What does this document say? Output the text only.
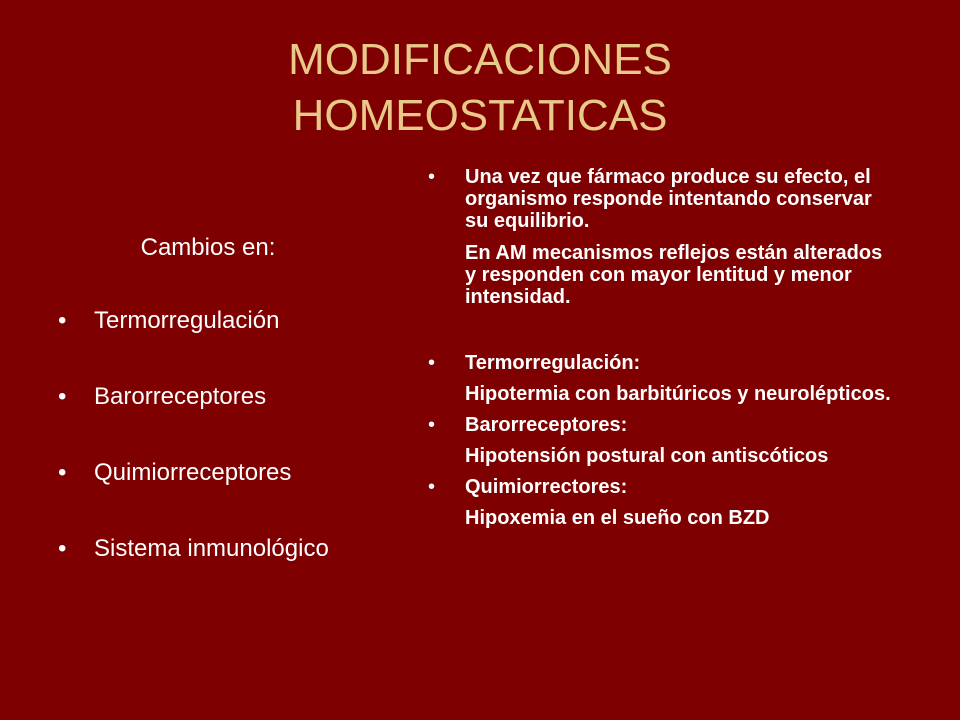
MODIFICACIONES
HOMEOSTATICAS
Cambios en:
• Termorregulación
• Barorreceptores
• Quimiorreceptores
• Sistema inmunológico
• Una vez que fármaco produce su efecto, el organismo responde intentando conservar su equilibrio.

En AM mecanismos reflejos están alterados y responden con mayor lentitud y menor intensidad.

• Termorregulación:

Hipotermia con barbitúricos y neurolépticos.

• Barorreceptores:

Hipotensión postural con antiscóticos

• Quimiorrectores:

Hipoxemia en el sueño con BZD
